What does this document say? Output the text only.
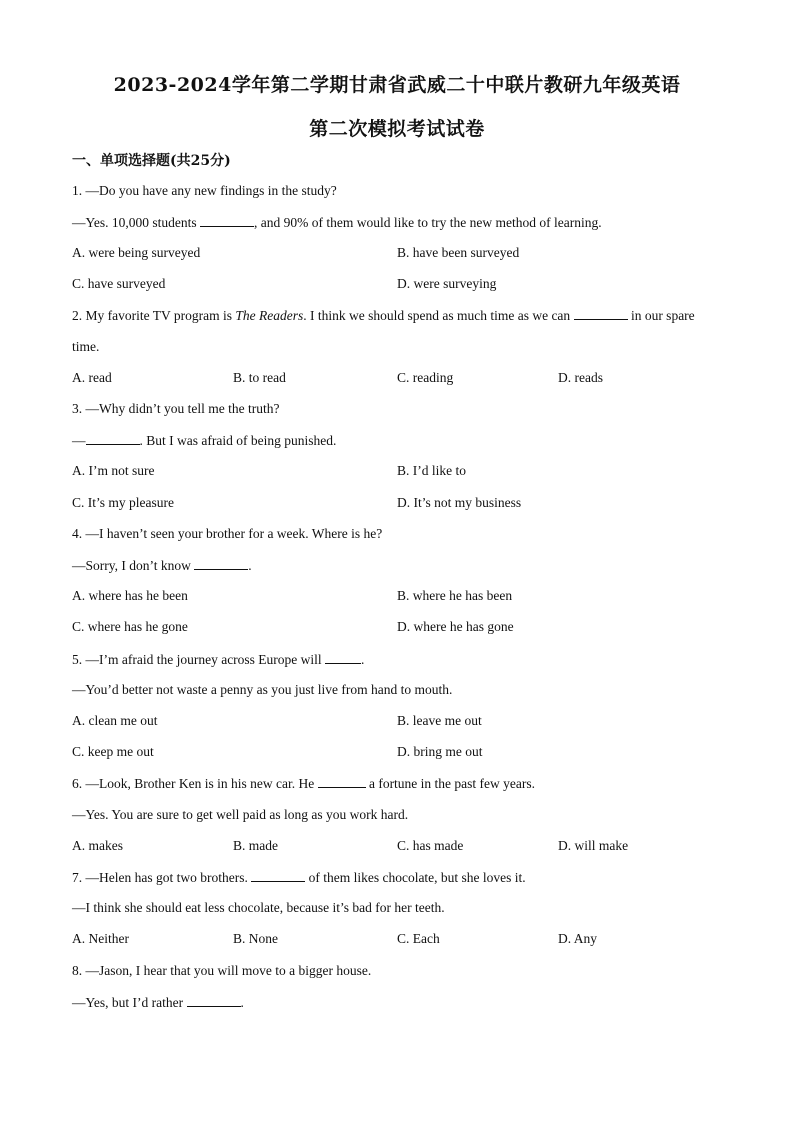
2023-2024学年第二学期甘肃省武威二十中联片教研九年级英语
第二次模拟考试试卷
一、单项选择题(共25分)
1. —Do you have any new findings in the study?
—Yes. 10,000 students	, and 90% of them would like to try the new method of learning.
A. were being surveyed	B. have been surveyed
C. have surveyed	D. were surveying
2. My favorite TV program is The Readers. I think we should spend as much time as we can	in our spare
time.
A. read	B. to read	C. reading	D. reads
3. —Why didn’t you tell me the truth?
—	. But I was afraid of being punished.
A. I’m not sure	B. I’d like to
C. It’s my pleasure	D. It’s not my business
4. —I haven’t seen your brother for a week. Where is he?
—Sorry, I don’t know	.
A. where has he been	B. where he has been
C. where has he gone	D. where he has gone
5. —I’m afraid the journey across Europe will	.
—You’d better not waste a penny as you just live from hand to mouth.
A. clean me out	B. leave me out
C. keep me out	D. bring me out
6. —Look, Brother Ken is in his new car. He	a fortune in the past few years.
—Yes. You are sure to get well paid as long as you work hard.
A. makes	B. made	C. has made	D. will make
7. —Helen has got two brothers.	of them likes chocolate, but she loves it.
—I think she should eat less chocolate, because it’s bad for her teeth.
A. Neither	B. None	C. Each	D. Any
8. —Jason, I hear that you will move to a bigger house.
—Yes, but I’d rather	.
